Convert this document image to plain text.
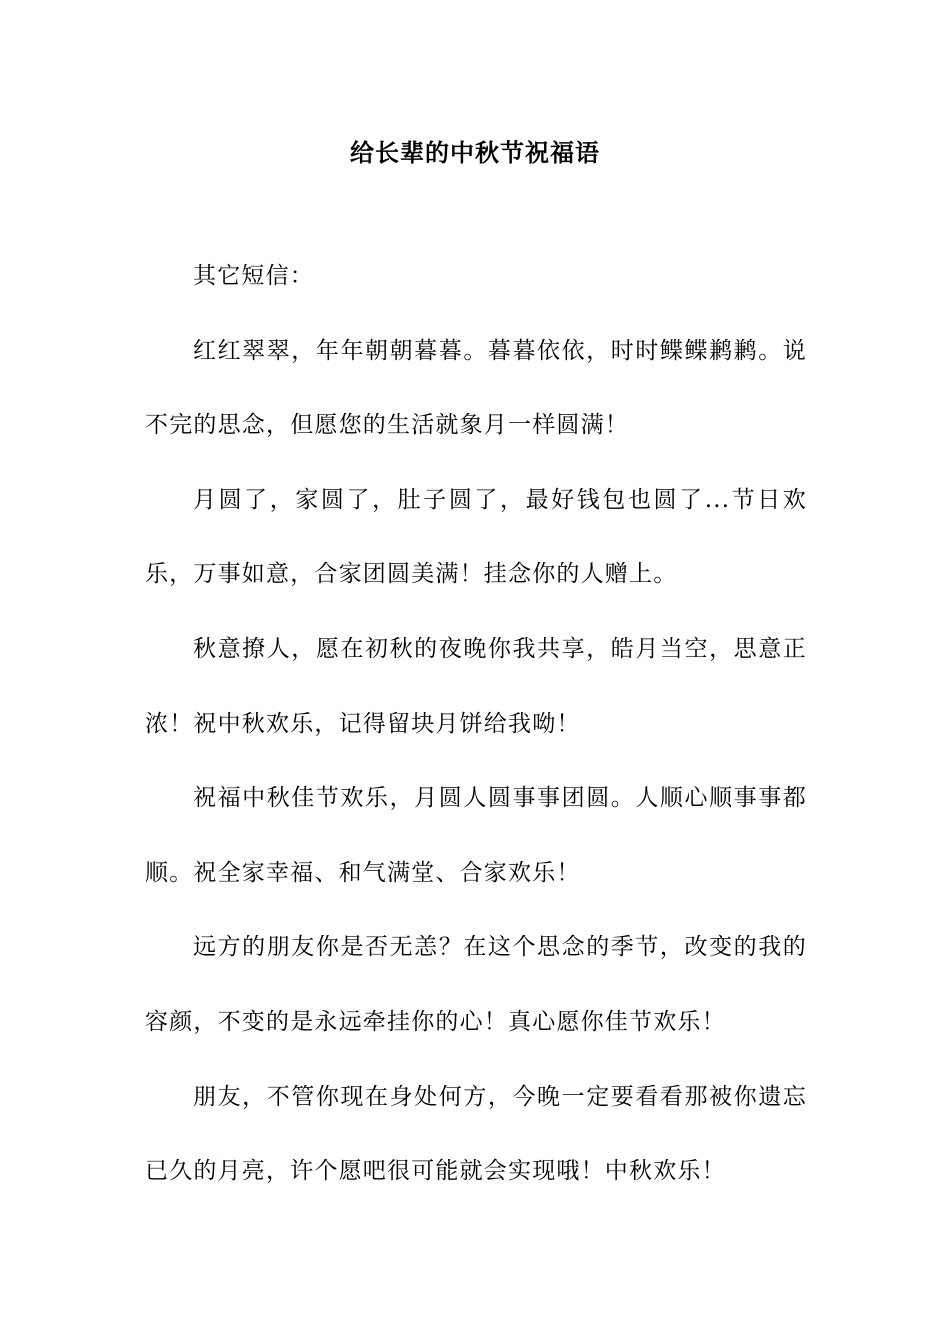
给长辈的中秋节祝福语

其它短信：

红红翠翠，年年朝朝暮暮。暮暮依依，时时鲽鲽鹣鹣。说不完的思念，但愿您的生活就象月一样圆满！

月圆了，家圆了，肚子圆了，最好钱包也圆了...节日欢乐，万事如意，合家团圆美满！挂念你的人赠上。

秋意撩人，愿在初秋的夜晚你我共享，皓月当空，思意正浓！祝中秋欢乐，记得留块月饼给我呦！

祝福中秋佳节欢乐，月圆人圆事事团圆。人顺心顺事事都顺。祝全家幸福、和气满堂、合家欢乐！

远方的朋友你是否无恙？在这个思念的季节，改变的我的容颜，不变的是永远牵挂你的心！真心愿你佳节欢乐！

朋友，不管你现在身处何方，今晚一定要看看那被你遗忘已久的月亮，许个愿吧很可能就会实现哦！中秋欢乐！
